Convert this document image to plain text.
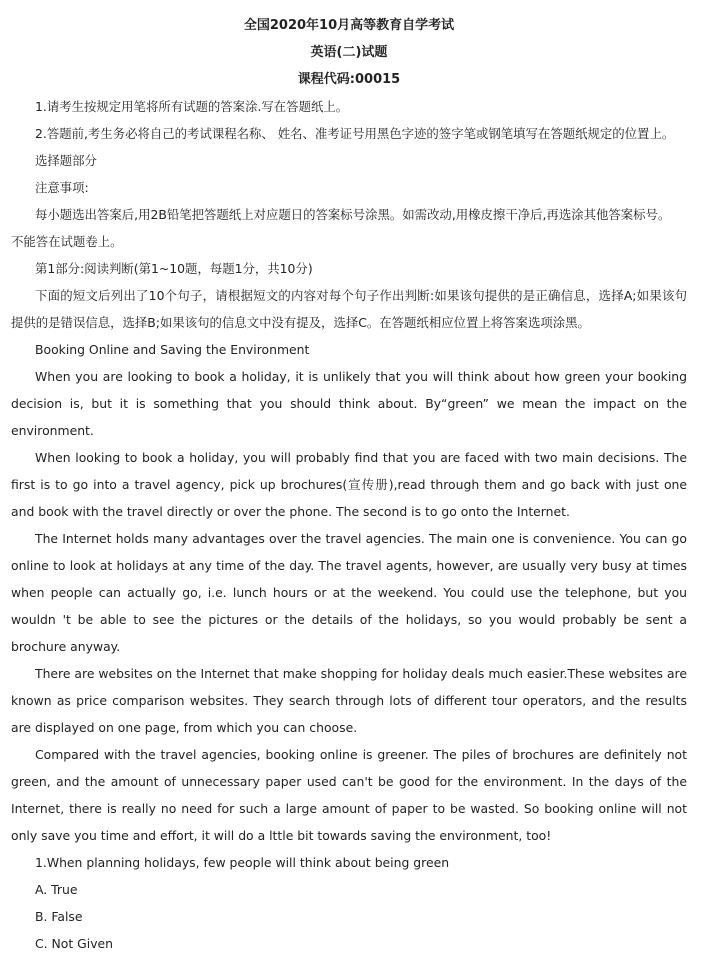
全国2020年10月高等教育自学考试

英语(二)试题

课程代码:00015

1.请考生按规定用笔将所有试题的答案涂.写在答题纸上。

2.答题前,考生务必将自己的考试课程名称、 姓名、准考证号用黑色字迹的签字笔或钢笔填写在答题纸规定的位置上。

选择题部分

注意事项:

每小题选出答案后,用2B铅笔把答题纸上对应题日的答案标号涂黑。如需改动,用橡皮擦干净后,再选涂其他答案标号。

不能答在试题卷上。

第1部分:阅读判断(第1~10题，每题1分，共10分)

下面的短文后列出了10个句子，请根据短文的内容对每个句子作出判断:如果该句提供的是正确信息，选择A;如果该句提供的是错误信息，选择B;如果该句的信息文中没有提及，选择C。在答题纸相应位置上将答案选项涂黑。

Booking Online and Saving the Environment

When you are looking to book a holiday, it is unlikely that you will think about how green your booking decision is, but it is something that you should think about. By“green” we mean the impact on the environment.

When looking to book a holiday, you will probably find that you are faced with two main decisions. The first is to go into a travel agency, pick up brochures(宣传册),read through them and go back with just one and book with the travel directly or over the phone. The second is to go onto the Internet.

The Internet holds many advantages over the travel agencies. The main one is convenience. You can go online to look at holidays at any time of the day. The travel agents, however, are usually very busy at times when people can actually go, i.e. lunch hours or at the weekend. You could use the telephone, but you wouldn 't be able to see the pictures or the details of the holidays, so you would probably be sent a brochure anyway.

There are websites on the Internet that make shopping for holiday deals much easier.These websites are known as price comparison websites. They search through lots of different tour operators, and the results are displayed on one page, from which you can choose.

Compared with the travel agencies, booking online is greener. The piles of brochures are definitely not green, and the amount of unnecessary paper used can't be good for the environment. In the days of the Internet, there is really no need for such a large amount of paper to be wasted. So booking online will not only save you time and effort, it will do a lttle bit towards saving the environment, too!

1.When planning holidays, few people will think about being green

A. True

B. False

C. Not Given
